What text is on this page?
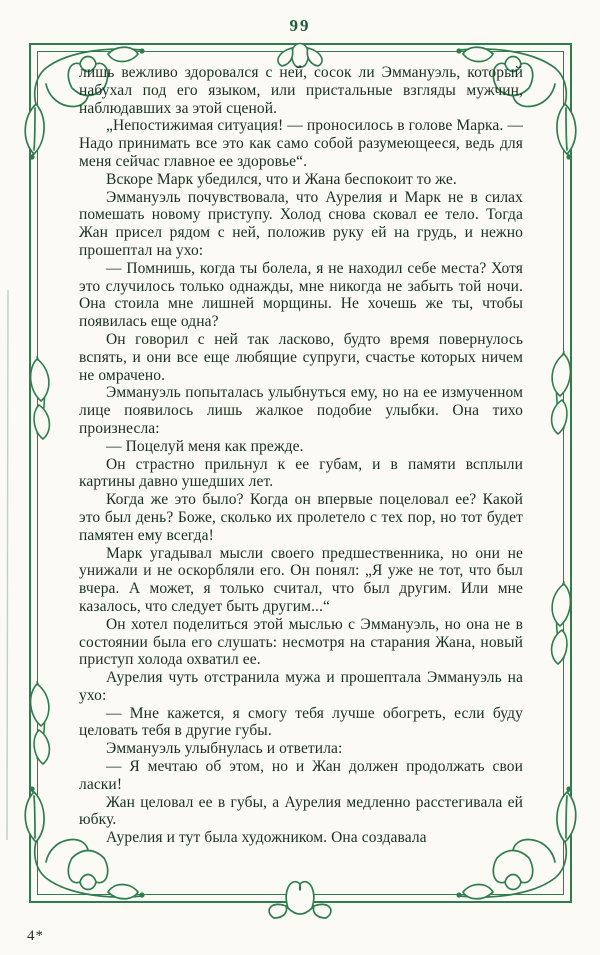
99

лишь вежливо здоровался с ней, сосок ли Эммануэль, который набухал под его языком, или пристальные взгляды мужчин, наблюдавших за этой сценой.

„Непостижимая ситуация! — проносилось в голове Марка. — Надо принимать все это как само собой разумеющееся, ведь для меня сейчас главное ее здоровье“.

Вскоре Марк убедился, что и Жана беспокоит то же.

Эммануэль почувствовала, что Аурелия и Марк не в силах помешать новому приступу. Холод снова сковал ее тело. Тогда Жан присел рядом с ней, положив руку ей на грудь, и нежно прошептал на ухо:

— Помнишь, когда ты болела, я не находил себе места? Хотя это случилось только однажды, мне никогда не забыть той ночи. Она стоила мне лишней морщины. Не хочешь же ты, чтобы появилась еще одна?

Он говорил с ней так ласково, будто время повернулось вспять, и они все еще любящие супруги, счастье которых ничем не омрачено.

Эммануэль попыталась улыбнуться ему, но на ее измученном лице появилось лишь жалкое подобие улыбки. Она тихо произнесла:

— Поцелуй меня как прежде.

Он страстно прильнул к ее губам, и в памяти всплыли картины давно ушедших лет.

Когда же это было? Когда он впервые поцеловал ее? Какой это был день? Боже, сколько их пролетело с тех пор, но тот будет памятен ему всегда!

Марк угадывал мысли своего предшественника, но они не унижали и не оскорбляли его. Он понял: „Я уже не тот, что был вчера. А может, я только считал, что был другим. Или мне казалось, что следует быть другим...“

Он хотел поделиться этой мыслью с Эммануэль, но она не в состоянии была его слушать: несмотря на старания Жана, новый приступ холода охватил ее.

Аурелия чуть отстранила мужа и прошептала Эммануэль на ухо:

— Мне кажется, я смогу тебя лучше обогреть, если буду целовать тебя в другие губы.

Эммануэль улыбнулась и ответила:

— Я мечтаю об этом, но и Жан должен продолжать свои ласки!

Жан целовал ее в губы, а Аурелия медленно расстегивала ей юбку.

Аурелия и тут была художником. Она создавала

4*
